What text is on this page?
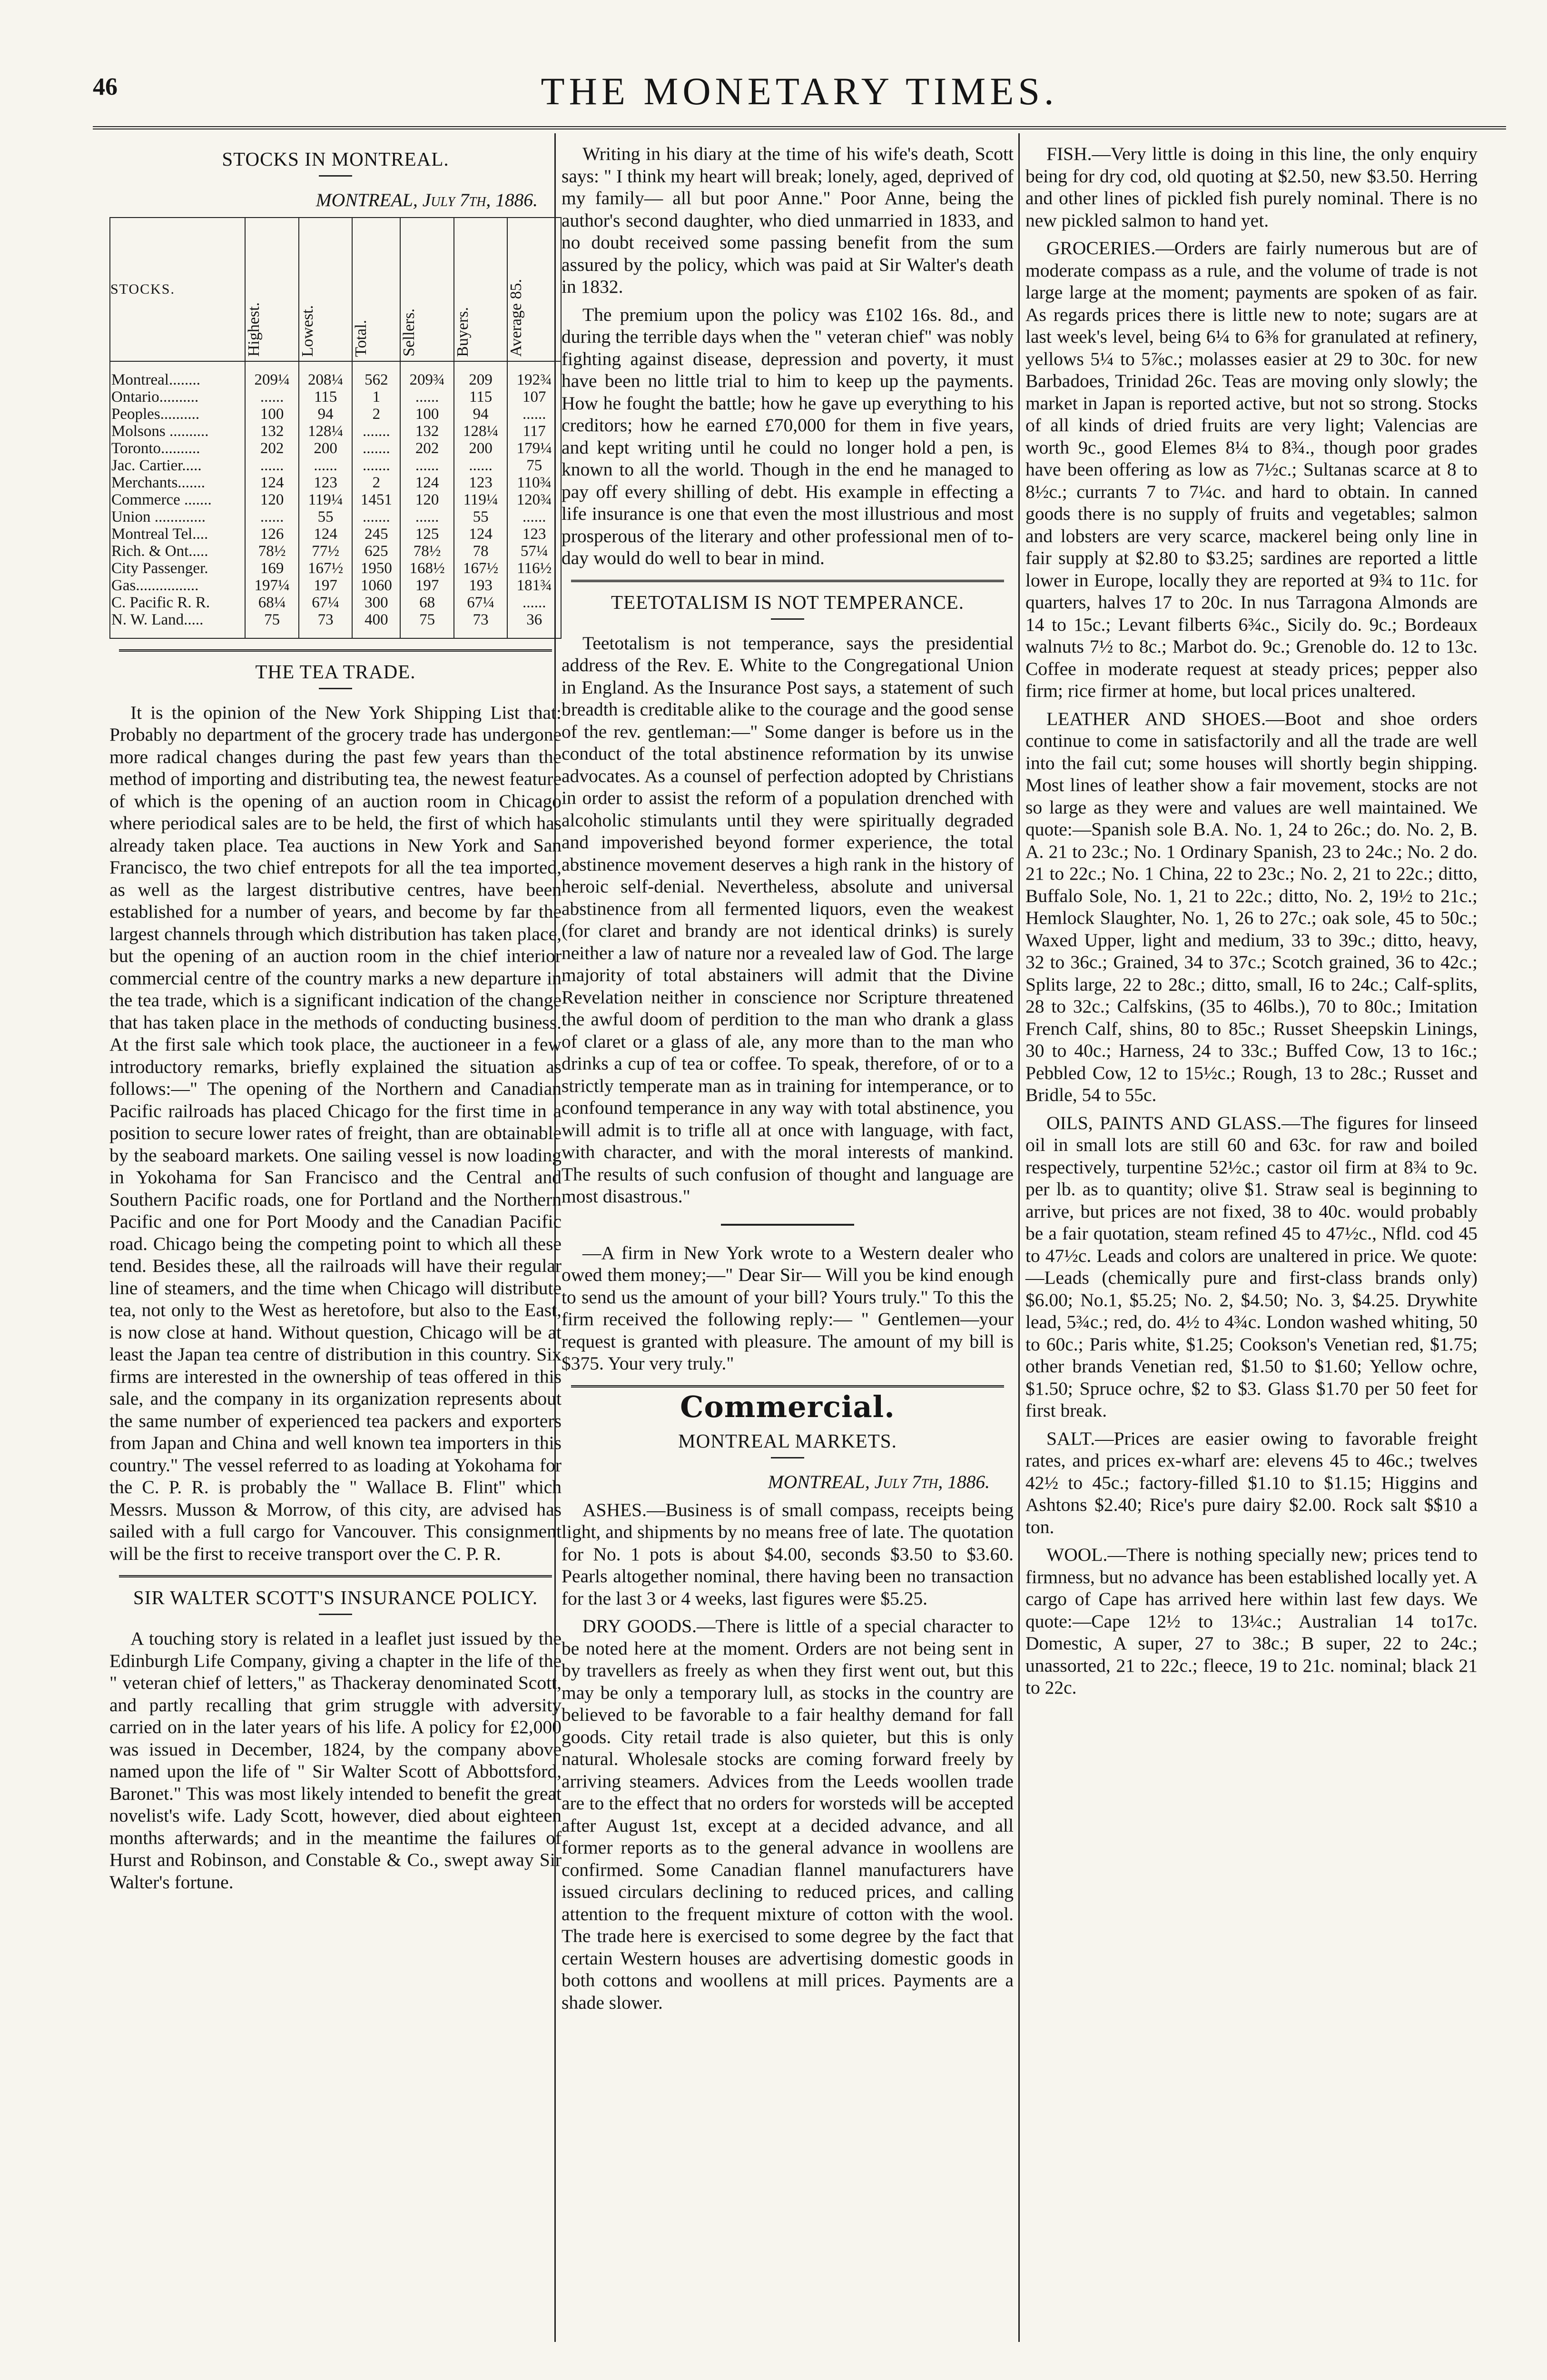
46	THE MONETARY TIMES.
STOCKS IN MONTREAL.

MONTREAL, July 7th, 1886.

STOCKS.	Highest.	Lowest.	Total.	Sellers.	Buyers.	Average 85.
Montreal........	209¼	208¼	562	209¾	209	192¾
Ontario..........	......	115	1	......	115	107
Peoples..........	100	94	2	100	94	......
Molsons ..........	132	128¼	.......	132	128¼	117
Toronto..........	202	200	.......	202	200	179¼
Jac. Cartier.....	......	......	.......	......	......	75
Merchants.......	124	123	2	124	123	110¾
Commerce .......	120	119¼	1451	120	119¼	120¾
Union .............	......	55	.......	......	55	......
Montreal Tel....	126	124	245	125	124	123
Rich. & Ont.....	78½	77½	625	78½	78	57¼
City Passenger.	169	167½	1950	168½	167½	116½
Gas................	197¼	197	1060	197	193	181¾
C. Pacific R. R.	68¼	67¼	300	68	67¼	......
N. W. Land.....	75	73	400	75	73	36
THE TEA TRADE.

It is the opinion of the New York Shipping List that: Probably no department of the grocery trade has undergone more radical changes during the past few years than the method of importing and distributing tea, the newest feature of which is the opening of an auction room in Chicago where periodical sales are to be held, the first of which has already taken place. Tea auctions in New York and San Francisco, the two chief entrepots for all the tea imported, as well as the largest distributive centres, have been established for a number of years, and become by far the largest channels through which distribution has taken place, but the opening of an auction room in the chief interior commercial centre of the country marks a new departure in the tea trade, which is a significant indication of the change that has taken place in the methods of conducting business. At the first sale which took place, the auctioneer in a few introductory remarks, briefly explained the situation as follows:—" The opening of the Northern and Canadian Pacific railroads has placed Chicago for the first time in a position to secure lower rates of freight, than are obtainable by the seaboard markets. One sailing vessel is now loading in Yokohama for San Francisco and the Central and Southern Pacific roads, one for Portland and the Northern Pacific and one for Port Moody and the Canadian Pacific road. Chicago being the competing point to which all these tend. Besides these, all the railroads will have their regular line of steamers, and the time when Chicago will distribute tea, not only to the West as heretofore, but also to the East, is now close at hand. Without question, Chicago will be at least the Japan tea centre of distribution in this country. Six firms are interested in the ownership of teas offered in this sale, and the company in its organization represents about the same number of experienced tea packers and exporters from Japan and China and well known tea importers in this country." The vessel referred to as loading at Yokohama for the C. P. R. is probably the " Wallace B. Flint" which Messrs. Musson & Morrow, of this city, are advised has sailed with a full cargo for Vancouver. This consignment will be the first to receive transport over the C. P. R.

SIR WALTER SCOTT'S INSURANCE POLICY.

A touching story is related in a leaflet just issued by the Edinburgh Life Company, giving a chapter in the life of the " veteran chief of letters," as Thackeray denominated Scott, and partly recalling that grim struggle with adversity carried on in the later years of his life. A policy for £2,000 was issued in December, 1824, by the company above named upon the life of " Sir Walter Scott of Abbottsford, Baronet." This was most likely intended to benefit the great novelist's wife. Lady Scott, however, died about eighteen months afterwards; and in the meantime the failures of Hurst and Robinson, and Constable & Co., swept away Sir Walter's fortune.

Writing in his diary at the time of his wife's death, Scott says: " I think my heart will break; lonely, aged, deprived of my family— all but poor Anne." Poor Anne, being the author's second daughter, who died unmarried in 1833, and no doubt received some passing benefit from the sum assured by the policy, which was paid at Sir Walter's death in 1832.

The premium upon the policy was £102 16s. 8d., and during the terrible days when the " veteran chief" was nobly fighting against disease, depression and poverty, it must have been no little trial to him to keep up the payments. How he fought the battle; how he gave up everything to his creditors; how he earned £70,000 for them in five years, and kept writing until he could no longer hold a pen, is known to all the world. Though in the end he managed to pay off every shilling of debt. His example in effecting a life insurance is one that even the most illustrious and most prosperous of the literary and other professional men of to-day would do well to bear in mind.

TEETOTALISM IS NOT TEMPERANCE.

Teetotalism is not temperance, says the presidential address of the Rev. E. White to the Congregational Union in England. As the Insurance Post says, a statement of such breadth is creditable alike to the courage and the good sense of the rev. gentleman:—" Some danger is before us in the conduct of the total abstinence reformation by its unwise advocates. As a counsel of perfection adopted by Christians in order to assist the reform of a population drenched with alcoholic stimulants until they were spiritually degraded and impoverished beyond former experience, the total abstinence movement deserves a high rank in the history of heroic self-denial. Nevertheless, absolute and universal abstinence from all fermented liquors, even the weakest (for claret and brandy are not identical drinks) is surely neither a law of nature nor a revealed law of God. The large majority of total abstainers will admit that the Divine Revelation neither in conscience nor Scripture threatened the awful doom of perdition to the man who drank a glass of claret or a glass of ale, any more than to the man who drinks a cup of tea or coffee. To speak, therefore, of or to a strictly temperate man as in training for intemperance, or to confound temperance in any way with total abstinence, you will admit is to trifle all at once with language, with fact, with character, and with the moral interests of mankind. The results of such confusion of thought and language are most disastrous."

—A firm in New York wrote to a Western dealer who owed them money;—" Dear Sir— Will you be kind enough to send us the amount of your bill? Yours truly." To this the firm received the following reply:— " Gentlemen—your request is granted with pleasure. The amount of my bill is $375. Your very truly."

Commercial.
MONTREAL MARKETS.

MONTREAL, July 7th, 1886.

ASHES.—Business is of small compass, receipts being light, and shipments by no means free of late. The quotation for No. 1 pots is about $4.00, seconds $3.50 to $3.60. Pearls altogether nominal, there having been no transaction for the last 3 or 4 weeks, last figures were $5.25.

DRY GOODS.—There is little of a special character to be noted here at the moment. Orders are not being sent in by travellers as freely as when they first went out, but this may be only a temporary lull, as stocks in the country are believed to be favorable to a fair healthy demand for fall goods. City retail trade is also quieter, but this is only natural. Wholesale stocks are coming forward freely by arriving steamers. Advices from the Leeds woollen trade are to the effect that no orders for worsteds will be accepted after August 1st, except at a decided advance, and all former reports as to the general advance in woollens are confirmed. Some Canadian flannel manufacturers have issued circulars declining to reduced prices, and calling attention to the frequent mixture of cotton with the wool. The trade here is exercised to some degree by the fact that certain Western houses are advertising domestic goods in both cottons and woollens at mill prices. Payments are a shade slower.

FISH.—Very little is doing in this line, the only enquiry being for dry cod, old quoting at $2.50, new $3.50. Herring and other lines of pickled fish purely nominal. There is no new pickled salmon to hand yet.

GROCERIES.—Orders are fairly numerous but are of moderate compass as a rule, and the volume of trade is not large large at the moment; payments are spoken of as fair. As regards prices there is little new to note; sugars are at last week's level, being 6¼ to 6⅜ for granulated at refinery, yellows 5¼ to 5⅞c.; molasses easier at 29 to 30c. for new Barbadoes, Trinidad 26c. Teas are moving only slowly; the market in Japan is reported active, but not so strong. Stocks of all kinds of dried fruits are very light; Valencias are worth 9c., good Elemes 8¼ to 8¾., though poor grades have been offering as low as 7½c.; Sultanas scarce at 8 to 8½c.; currants 7 to 7¼c. and hard to obtain. In canned goods there is no supply of fruits and vegetables; salmon and lobsters are very scarce, mackerel being only line in fair supply at $2.80 to $3.25; sardines are reported a little lower in Europe, locally they are reported at 9¾ to 11c. for quarters, halves 17 to 20c. In nus Tarragona Almonds are 14 to 15c.; Levant filberts 6¾c., Sicily do. 9c.; Bordeaux walnuts 7½ to 8c.; Marbot do. 9c.; Grenoble do. 12 to 13c. Coffee in moderate request at steady prices; pepper also firm; rice firmer at home, but local prices unaltered.

LEATHER AND SHOES.—Boot and shoe orders continue to come in satisfactorily and all the trade are well into the fail cut; some houses will shortly begin shipping. Most lines of leather show a fair movement, stocks are not so large as they were and values are well maintained. We quote:—Spanish sole B.A. No. 1, 24 to 26c.; do. No. 2, B. A. 21 to 23c.; No. 1 Ordinary Spanish, 23 to 24c.; No. 2 do. 21 to 22c.; No. 1 China, 22 to 23c.; No. 2, 21 to 22c.; ditto, Buffalo Sole, No. 1, 21 to 22c.; ditto, No. 2, 19½ to 21c.; Hemlock Slaughter, No. 1, 26 to 27c.; oak sole, 45 to 50c.; Waxed Upper, light and medium, 33 to 39c.; ditto, heavy, 32 to 36c.; Grained, 34 to 37c.; Scotch grained, 36 to 42c.; Splits large, 22 to 28c.; ditto, small, I6 to 24c.; Calf-splits, 28 to 32c.; Calfskins, (35 to 46lbs.), 70 to 80c.; Imitation French Calf, shins, 80 to 85c.; Russet Sheepskin Linings, 30 to 40c.; Harness, 24 to 33c.; Buffed Cow, 13 to 16c.; Pebbled Cow, 12 to 15½c.; Rough, 13 to 28c.; Russet and Bridle, 54 to 55c.

OILS, PAINTS AND GLASS.—The figures for linseed oil in small lots are still 60 and 63c. for raw and boiled respectively, turpentine 52½c.; castor oil firm at 8¾ to 9c. per lb. as to quantity; olive $1. Straw seal is beginning to arrive, but prices are not fixed, 38 to 40c. would probably be a fair quotation, steam refined 45 to 47½c., Nfld. cod 45 to 47½c. Leads and colors are unaltered in price. We quote:—Leads (chemically pure and first-class brands only) $6.00; No.1, $5.25; No. 2, $4.50; No. 3, $4.25. Drywhite lead, 5¾c.; red, do. 4½ to 4¾c. London washed whiting, 50 to 60c.; Paris white, $1.25; Cookson's Venetian red, $1.75; other brands Venetian red, $1.50 to $1.60; Yellow ochre, $1.50; Spruce ochre, $2 to $3. Glass $1.70 per 50 feet for first break.

SALT.—Prices are easier owing to favorable freight rates, and prices ex-wharf are: elevens 45 to 46c.; twelves 42½ to 45c.; factory-filled $1.10 to $1.15; Higgins and Ashtons $2.40; Rice's pure dairy $2.00. Rock salt $$10 a ton.

WOOL.—There is nothing specially new; prices tend to firmness, but no advance has been established locally yet. A cargo of Cape has arrived here within last few days. We quote:—Cape 12½ to 13¼c.; Australian 14 to17c. Domestic, A super, 27 to 38c.; B super, 22 to 24c.; unassorted, 21 to 22c.; fleece, 19 to 21c. nominal; black 21 to 22c.
